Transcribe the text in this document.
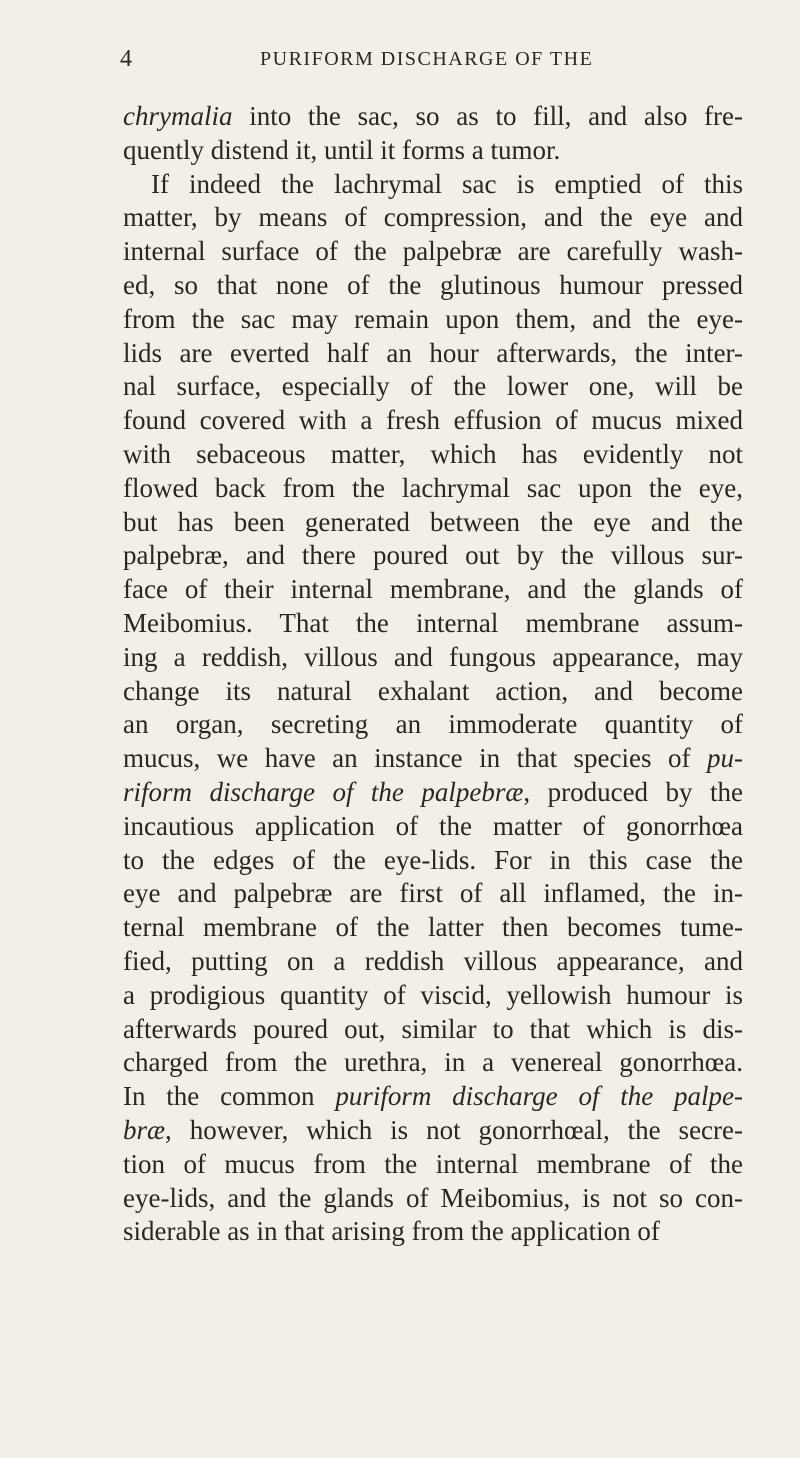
4	PURIFORM DISCHARGE OF THE
chrymalia into the sac, so as to fill, and also fre-
quently distend it, until it forms a tumor.
If indeed the lachrymal sac is emptied of this
matter, by means of compression, and the eye and
internal surface of the palpebræ are carefully wash-
ed, so that none of the glutinous humour pressed
from the sac may remain upon them, and the eye-
lids are everted half an hour afterwards, the inter-
nal surface, especially of the lower one, will be
found covered with a fresh effusion of mucus mixed
with sebaceous matter, which has evidently not
flowed back from the lachrymal sac upon the eye,
but has been generated between the eye and the
palpebræ, and there poured out by the villous sur-
face of their internal membrane, and the glands of
Meibomius. That the internal membrane assum-
ing a reddish, villous and fungous appearance, may
change its natural exhalant action, and become
an organ, secreting an immoderate quantity of
mucus, we have an instance in that species of pu-
riform discharge of the palpebræ, produced by the
incautious application of the matter of gonorrhœa
to the edges of the eye-lids. For in this case the
eye and palpebræ are first of all inflamed, the in-
ternal membrane of the latter then becomes tume-
fied, putting on a reddish villous appearance, and
a prodigious quantity of viscid, yellowish humour is
afterwards poured out, similar to that which is dis-
charged from the urethra, in a venereal gonorrhœa.
In the common puriform discharge of the palpe-
bræ, however, which is not gonorrhœal, the secre-
tion of mucus from the internal membrane of the
eye-lids, and the glands of Meibomius, is not so con-
siderable as in that arising from the application of
